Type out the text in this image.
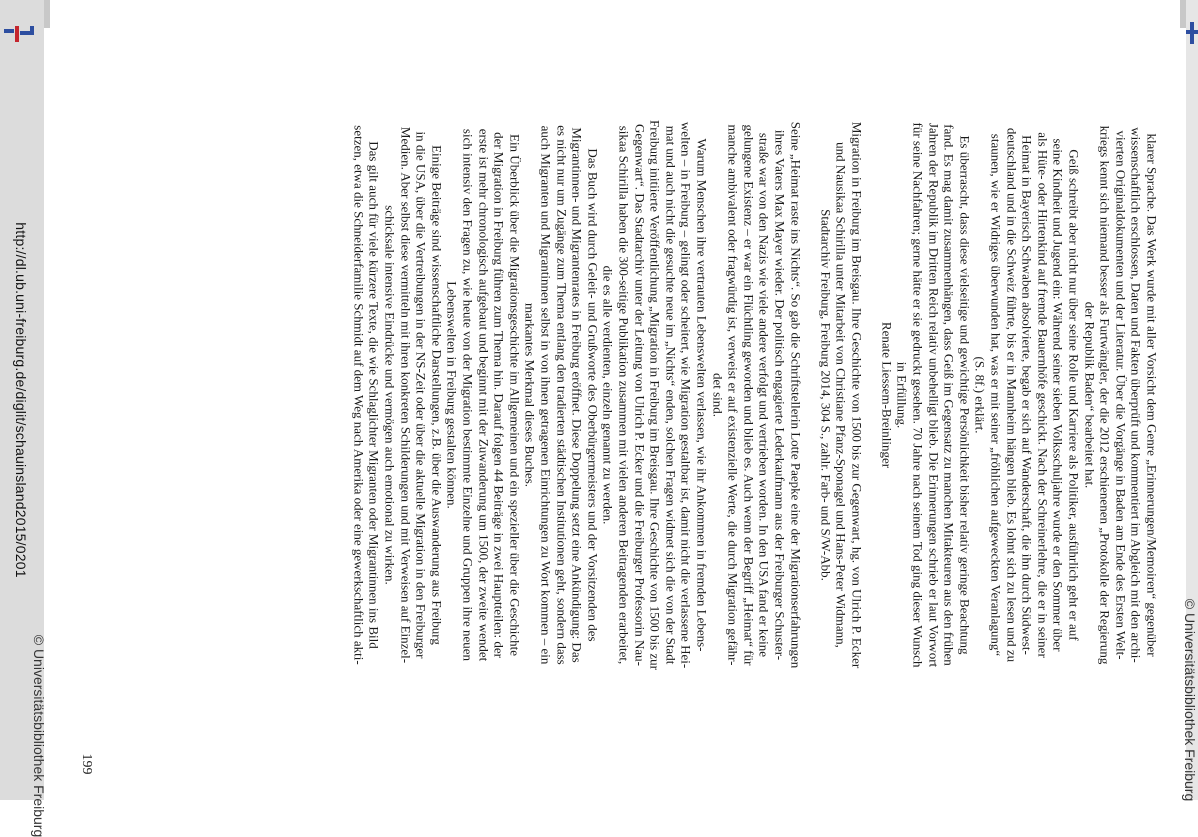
http://dl.ub.uni-freiburg.de/diglit/schauinsland2015/0201
© Universitätsbibliothek Freiburg	© Universitätsbibliothek Freiburg
199
klarer Sprache. Das Werk wurde mit aller Vorsicht dem Genre „Erinnerungen/Memoiren“ gegenüber
wissenschaftlich erschlossen, Daten und Fakten überprüft und kommentiert im Abgleich mit den archi-
vierten Originaldokumenten und der Literatur. Über die Vorgänge in Baden am Ende des Ersten Welt-
kriegs kennt sich niemand besser als Furtwängler, der die 2012 erschienenen „Protokolle der Regierung
der Republik Baden“ bearbeitet hat.
Geiß schreibt aber nicht nur über seine Rolle und Karriere als Politiker, ausführlich geht er auf
seine Kindheit und Jugend ein: Während seiner sieben Volksschuljahre wurde er den Sommer über
als Hüte- oder Hirtenkind auf fremde Bauernhöfe geschickt. Nach der Schreinerlehre, die er in seiner
Heimat in Bayerisch Schwaben absolvierte, begab er sich auf Wanderschaft, die ihn durch Südwest-
deutschland und in die Schweiz führte, bis er in Mannheim hängen blieb. Es lohnt sich zu lesen und zu
staunen, wie er Widriges überwunden hat, was er mit seiner „fröhlichen aufgeweckten Veranlagung“
(S. 8f.) erklärt.
Es überrascht, dass diese vielseitige und gewichtige Persönlichkeit bisher relativ geringe Beachtung
fand. Es mag damit zusammenhängen, dass Geiß im Gegensatz zu manchen Mitakteuren aus den frühen
Jahren der Republik im Dritten Reich relativ unbehelligt blieb. Die Erinnerungen schrieb er laut Vorwort
für seine Nachfahren; gerne hätte er sie gedruckt gesehen. 70 Jahre nach seinem Tod ging dieser Wunsch
in Erfüllung.
Renate Liessem-Breinlinger
Migration in Freiburg im Breisgau. Ihre Geschichte von 1500 bis zur Gegenwart, hg. von Ulrich P. Ecker
und Nausikaa Schirilla unter Mitarbeit von Christiane Pfanz-Sponagel und Hans-Peter Widmann,
Stadtarchiv Freiburg, Freiburg 2014, 304 S., zahlr. Farb- und S/W-Abb.
Seine „Heimat raste ins Nichts“. So gab die Schriftstellerin Lotte Paepke eine der Migrationserfahrungen
ihres Vaters Max Mayer wieder. Der politisch engagierte Lederkaufmann aus der Freiburger Schuster-
straße war von den Nazis wie viele andere verfolgt und vertrieben worden. In den USA fand er keine
gelungene Existenz – er war ein Flüchtling geworden und blieb es. Auch wenn der Begriff „Heimat“ für
manche ambivalent oder fragwürdig ist, verweist er auf existenzielle Werte, die durch Migration gefähr-
det sind.
Warum Menschen ihre vertrauten Lebenswelten verlassen, wie ihr Ankommen in fremden Lebens-
welten – in Freiburg – gelingt oder scheitert, wie Migration gestaltbar ist, damit nicht die verlassene Hei-
mat und auch nicht die gesuchte neue im „Nichts“ enden, solchen Fragen widmet sich die von der Stadt
Freiburg initiierte Veröffentlichung „Migration in Freiburg im Breisgau. Ihre Geschichte von 1500 bis zur
Gegenwart“. Das Stadtarchiv unter der Leitung von Ulrich P. Ecker und die Freiburger Professorin Nau-
sikaa Schirilla haben die 300-seitige Publikation zusammen mit vielen anderen Beitragenden erarbeitet,
die es alle verdienten, einzeln genannt zu werden.
Das Buch wird durch Geleit- und Grußworte des Oberbürgermeisters und der Vorsitzenden des
Migrantinnen- und Migrantenrates in Freiburg eröffnet. Diese Doppelung setzt eine Ankündigung: Das
es nicht nur um Zugänge zum Thema entlang den tradierten städtischen Institutionen geht, sondern dass
auch Migranten und Migrantinnen selbst in von ihnen getragenen Einrichtungen zu Wort kommen – ein
markantes Merkmal dieses Buches.
Ein Überblick über die Migrationsgeschichte im Allgemeinen und ein spezieller über die Geschichte
der Migration in Freiburg führen zum Thema hin. Darauf folgen 44 Beiträge in zwei Hauptteilen: der
erste ist mehr chronologisch aufgebaut und beginnt mit der Zuwanderung um 1500, der zweite wendet
sich intensiv den Fragen zu, wie heute von der Migration bestimmte Einzelne und Gruppen ihre neuen
Lebenswelten in Freiburg gestalten können.
Einige Beiträge sind wissenschaftliche Darstellungen, z.B. über die Auswanderung aus Freiburg
in die USA, über die Vertreibungen in der NS-Zeit oder über die aktuelle Migration in den Freiburger
Medien. Aber selbst diese vermitteln mit ihren konkreten Schilderungen und mit Verweisen auf Einzel-
schicksale intensive Eindrücke und vermögen auch emotional zu wirken.
Das gilt auch für viele kürzere Texte, die wie Schlaglichter Migranten oder Migrantinnen ins Bild
setzen, etwa die Schneiderfamilie Schmidt auf dem Weg nach Amerika oder eine gewerkschaftlich akti-
